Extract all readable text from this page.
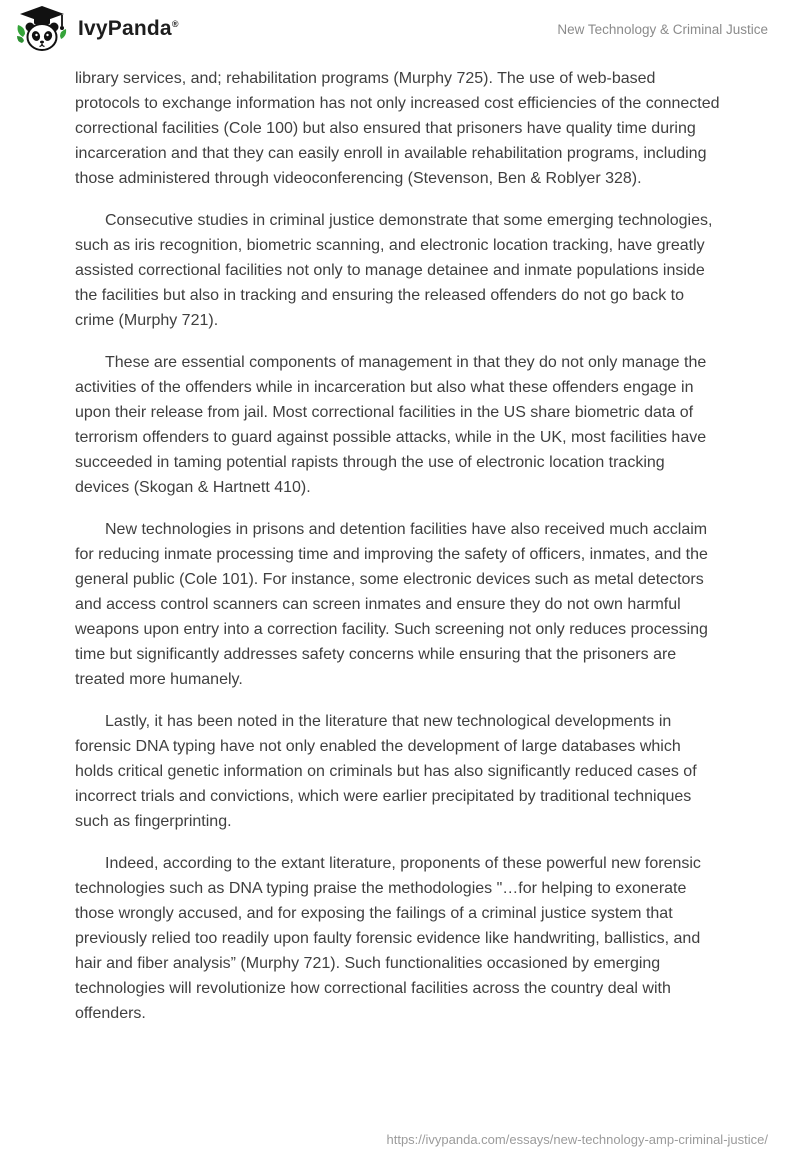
IvyPanda®	New Technology & Criminal Justice

library services, and; rehabilitation programs (Murphy 725). The use of web-based protocols to exchange information has not only increased cost efficiencies of the connected correctional facilities (Cole 100) but also ensured that prisoners have quality time during incarceration and that they can easily enroll in available rehabilitation programs, including those administered through videoconferencing (Stevenson, Ben & Roblyer 328).

Consecutive studies in criminal justice demonstrate that some emerging technologies, such as iris recognition, biometric scanning, and electronic location tracking, have greatly assisted correctional facilities not only to manage detainee and inmate populations inside the facilities but also in tracking and ensuring the released offenders do not go back to crime (Murphy 721).

These are essential components of management in that they do not only manage the activities of the offenders while in incarceration but also what these offenders engage in upon their release from jail. Most correctional facilities in the US share biometric data of terrorism offenders to guard against possible attacks, while in the UK, most facilities have succeeded in taming potential rapists through the use of electronic location tracking devices (Skogan & Hartnett 410).

New technologies in prisons and detention facilities have also received much acclaim for reducing inmate processing time and improving the safety of officers, inmates, and the general public (Cole 101). For instance, some electronic devices such as metal detectors and access control scanners can screen inmates and ensure they do not own harmful weapons upon entry into a correction facility. Such screening not only reduces processing time but significantly addresses safety concerns while ensuring that the prisoners are treated more humanely.

Lastly, it has been noted in the literature that new technological developments in forensic DNA typing have not only enabled the development of large databases which holds critical genetic information on criminals but has also significantly reduced cases of incorrect trials and convictions, which were earlier precipitated by traditional techniques such as fingerprinting.

Indeed, according to the extant literature, proponents of these powerful new forensic technologies such as DNA typing praise the methodologies "…for helping to exonerate those wrongly accused, and for exposing the failings of a criminal justice system that previously relied too readily upon faulty forensic evidence like handwriting, ballistics, and hair and fiber analysis” (Murphy 721). Such functionalities occasioned by emerging technologies will revolutionize how correctional facilities across the country deal with offenders.

https://ivypanda.com/essays/new-technology-amp-criminal-justice/
